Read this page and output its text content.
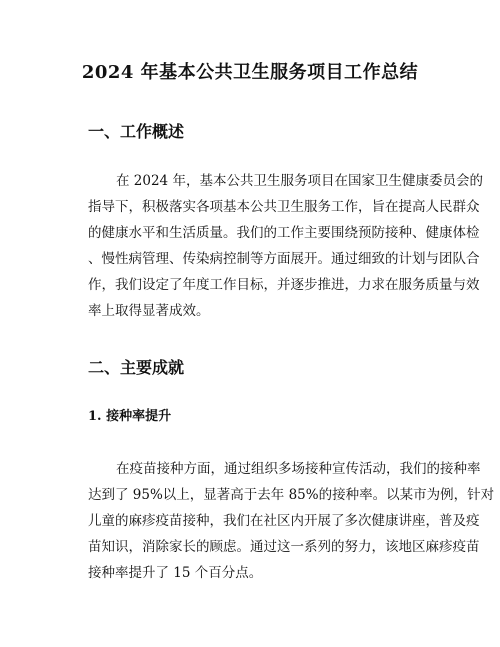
2024 年基本公共卫生服务项目工作总结
一、工作概述

在 2024 年，基本公共卫生服务项目在国家卫生健康委员会的
指导下，积极落实各项基本公共卫生服务工作，旨在提高人民群众
的健康水平和生活质量。我们的工作主要围绕预防接种、健康体检
、慢性病管理、传染病控制等方面展开。通过细致的计划与团队合
作，我们设定了年度工作目标，并逐步推进，力求在服务质量与效
率上取得显著成效。

二、主要成就
1. 接种率提升

在疫苗接种方面，通过组织多场接种宣传活动，我们的接种率
达到了 95%以上，显著高于去年 85%的接种率。以某市为例，针对
儿童的麻疹疫苗接种，我们在社区内开展了多次健康讲座，普及疫
苗知识，消除家长的顾虑。通过这一系列的努力，该地区麻疹疫苗
接种率提升了 15 个百分点。
